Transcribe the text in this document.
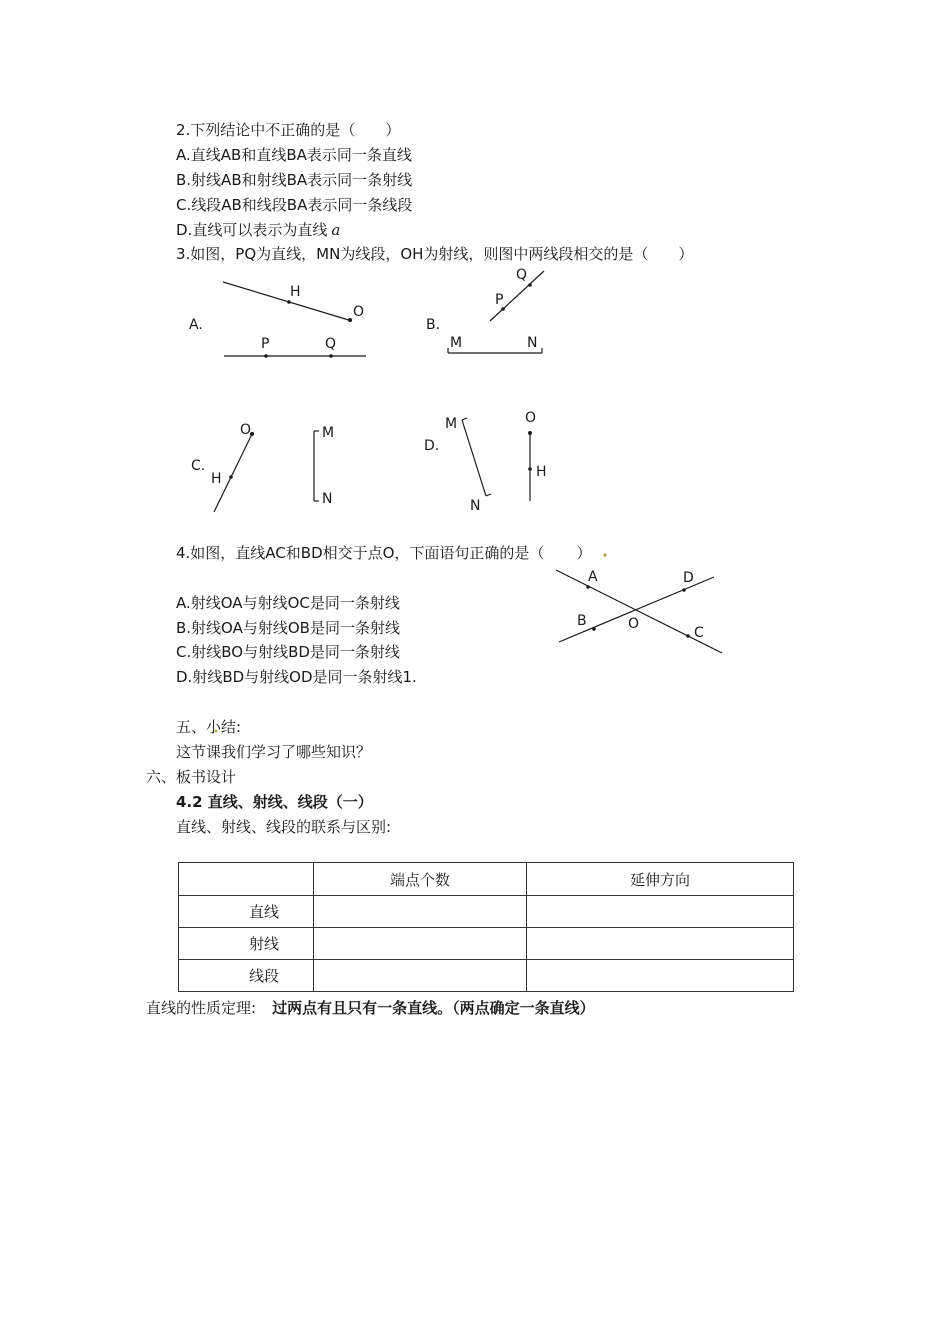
2.下列结论中不正确的是（　　）
A.直线AB和直线BA表示同一条直线
B.射线AB和射线BA表示同一条射线
C.线段AB和线段BA表示同一条线段
D.直线可以表示为直线 a
3.如图，PQ为直线，MN为线段，OH为射线，则图中两线段相交的是（　　）
A.
H
O
P	Q
B.
Q
P
M	N
C.
O
H
M
N
D.
M
N
O
H
A	D
B	O
C
4.如图，直线AC和BD相交于点O，下面语句正确的是（ ）
A.射线OA与射线OC是同一条射线
B.射线OA与射线OB是同一条射线
C.射线BO与射线BD是同一条射线
D.射线BD与射线OD是同一条射线1.
五、小结:
这节课我们学习了哪些知识？
六、板书设计
4.2 直线、射线、线段（一）
直线、射线、线段的联系与区别:
	端点个数	延伸方向
直线		
射线		
线段		
直线的性质定理: 过两点有且只有一条直线。（两点确定一条直线）
